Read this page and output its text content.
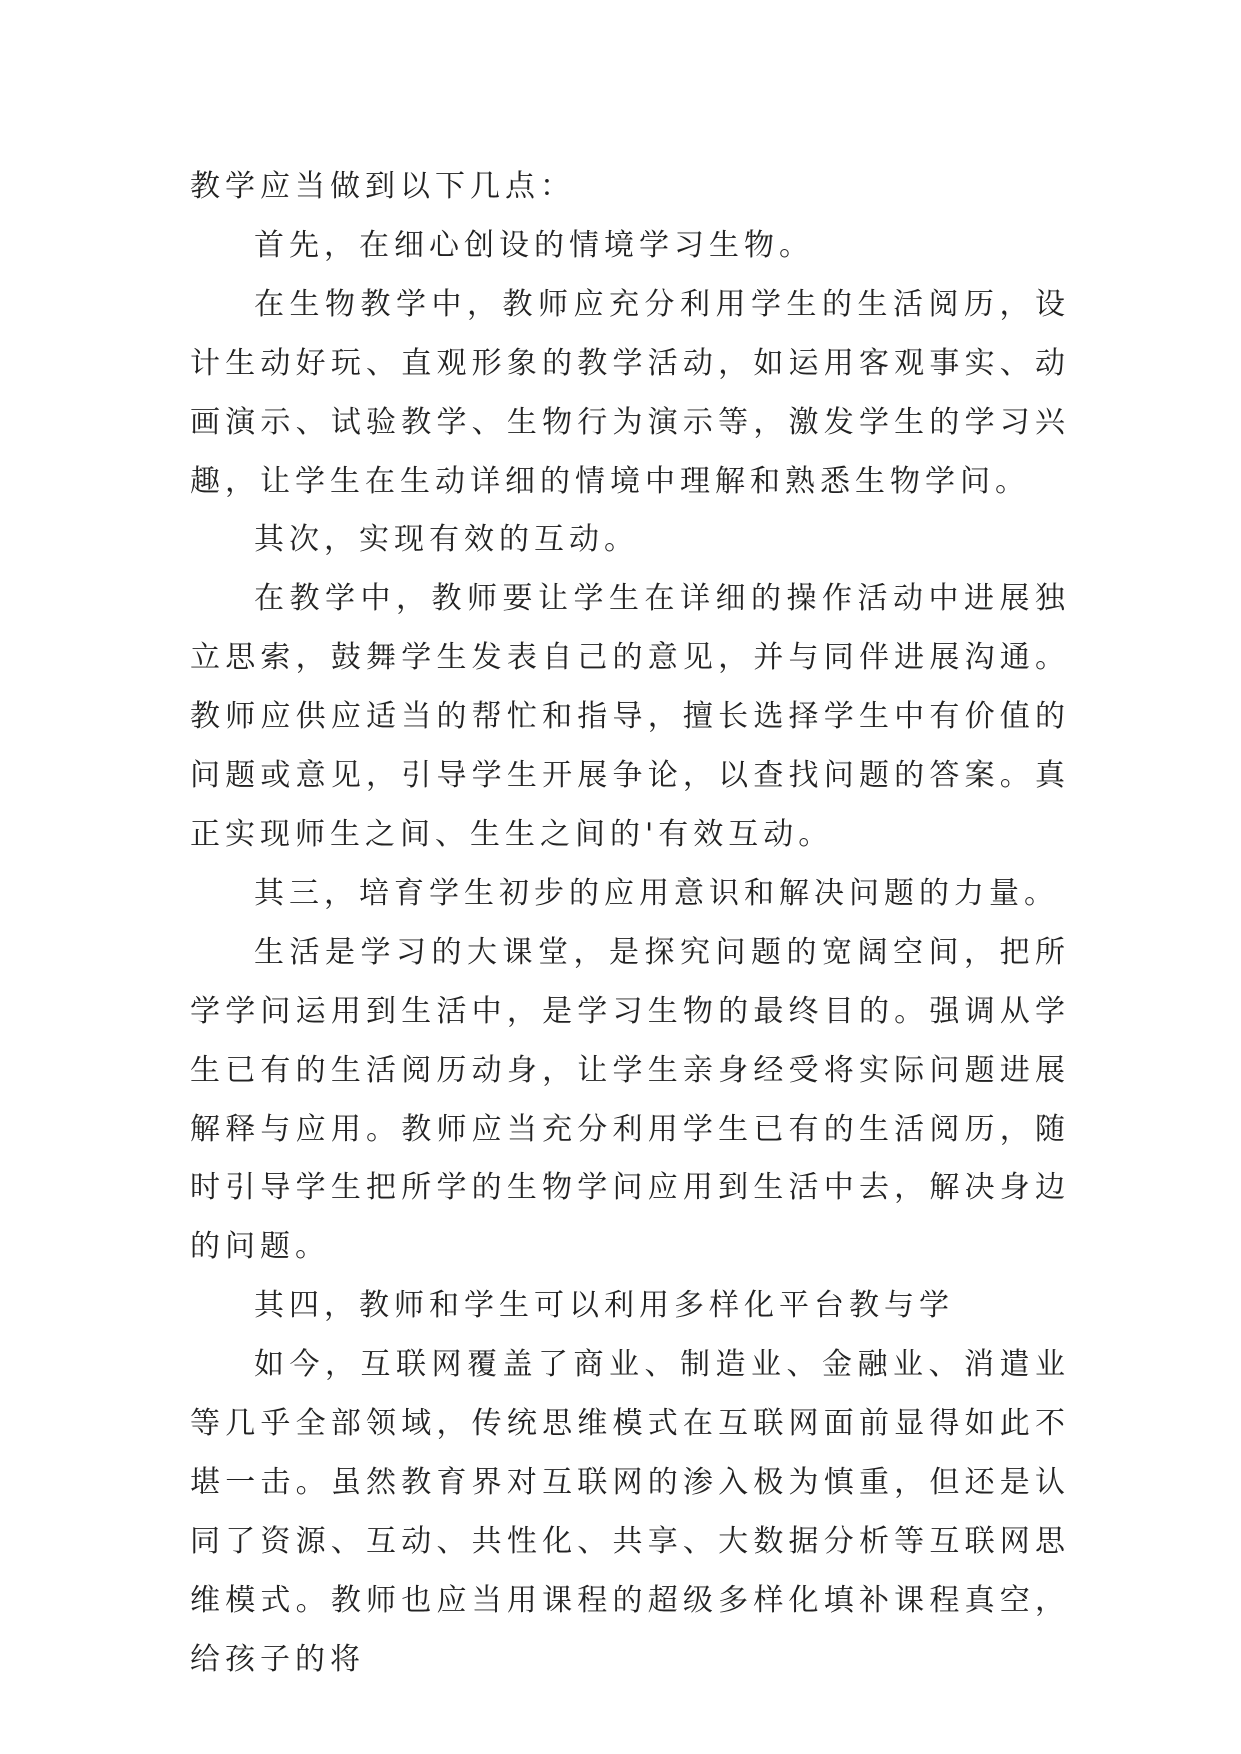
教学应当做到以下几点：

首先，在细心创设的情境学习生物。

在生物教学中，教师应充分利用学生的生活阅历，设计生动好玩、直观形象的教学活动，如运用客观事实、动画演示、试验教学、生物行为演示等，激发学生的学习兴趣，让学生在生动详细的情境中理解和熟悉生物学问。

其次，实现有效的互动。

在教学中，教师要让学生在详细的操作活动中进展独立思索，鼓舞学生发表自己的意见，并与同伴进展沟通。教师应供应适当的帮忙和指导，擅长选择学生中有价值的问题或意见，引导学生开展争论，以查找问题的答案。真正实现师生之间、生生之间的'有效互动。

其三，培育学生初步的应用意识和解决问题的力量。

生活是学习的大课堂，是探究问题的宽阔空间，把所学学问运用到生活中，是学习生物的最终目的。强调从学生已有的生活阅历动身，让学生亲身经受将实际问题进展解释与应用。教师应当充分利用学生已有的生活阅历，随时引导学生把所学的生物学问应用到生活中去，解决身边的问题。

其四，教师和学生可以利用多样化平台教与学

如今，互联网覆盖了商业、制造业、金融业、消遣业等几乎全部领域，传统思维模式在互联网面前显得如此不堪一击。虽然教育界对互联网的渗入极为慎重，但还是认同了资源、互动、共性化、共享、大数据分析等互联网思维模式。教师也应当用课程的超级多样化填补课程真空，给孩子的将
